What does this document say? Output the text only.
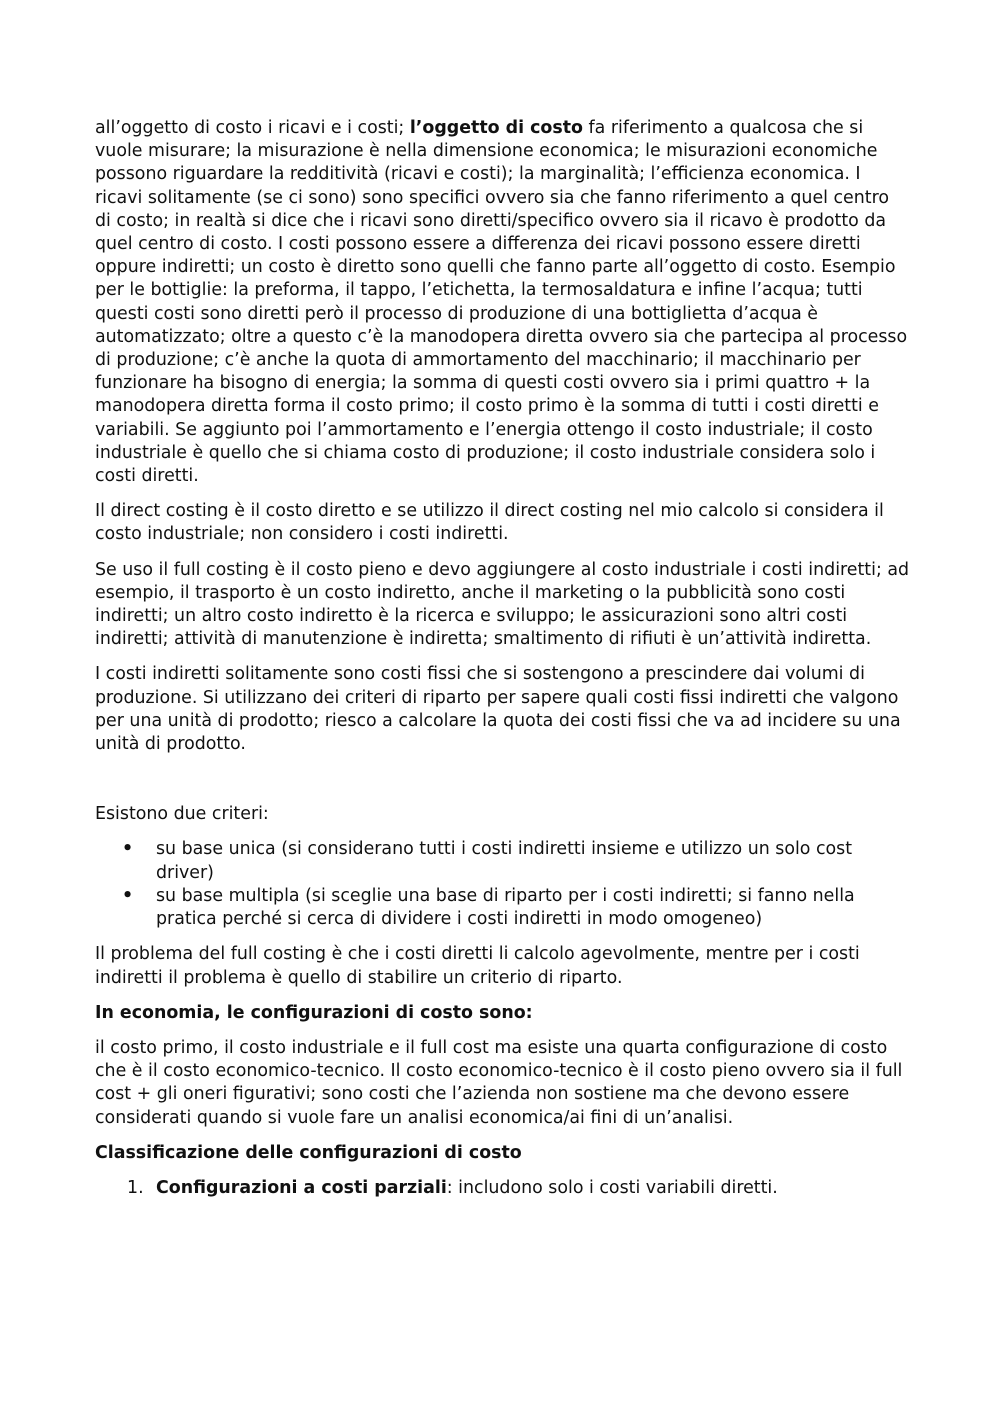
all’oggetto di costo i ricavi e i costi; l’oggetto di costo fa riferimento a qualcosa che si vuole misurare; la misurazione è nella dimensione economica; le misurazioni economiche possono riguardare la redditività (ricavi e costi); la marginalità; l’efficienza economica. I ricavi solitamente (se ci sono) sono specifici ovvero sia che fanno riferimento a quel centro di costo; in realtà si dice che i ricavi sono diretti/specifico ovvero sia il ricavo è prodotto da quel centro di costo. I costi possono essere a differenza dei ricavi possono essere diretti oppure indiretti; un costo è diretto sono quelli che fanno parte all’oggetto di costo. Esempio per le bottiglie: la preforma, il tappo, l’etichetta, la termosaldatura e infine l’acqua; tutti questi costi sono diretti però il processo di produzione di una bottiglietta d’acqua è automatizzato; oltre a questo c’è la manodopera diretta ovvero sia che partecipa al processo di produzione; c’è anche la quota di ammortamento del macchinario; il macchinario per funzionare ha bisogno di energia; la somma di questi costi ovvero sia i primi quattro + la manodopera diretta forma il costo primo; il costo primo è la somma di tutti i costi diretti e variabili. Se aggiunto poi l’ammortamento e l’energia ottengo il costo industriale; il costo industriale è quello che si chiama costo di produzione; il costo industriale considera solo i costi diretti.

Il direct costing è il costo diretto e se utilizzo il direct costing nel mio calcolo si considera il costo industriale; non considero i costi indiretti.

Se uso il full costing è il costo pieno e devo aggiungere al costo industriale i costi indiretti; ad esempio, il trasporto è un costo indiretto, anche il marketing o la pubblicità sono costi indiretti; un altro costo indiretto è la ricerca e sviluppo; le assicurazioni sono altri costi indiretti; attività di manutenzione è indiretta; smaltimento di rifiuti è un’attività indiretta.

I costi indiretti solitamente sono costi fissi che si sostengono a prescindere dai volumi di produzione. Si utilizzano dei criteri di riparto per sapere quali costi fissi indiretti che valgono per una unità di prodotto; riesco a calcolare la quota dei costi fissi che va ad incidere su una unità di prodotto.

Esistono due criteri:

• su base unica (si considerano tutti i costi indiretti insieme e utilizzo un solo cost driver)
• su base multipla (si sceglie una base di riparto per i costi indiretti; si fanno nella pratica perché si cerca di dividere i costi indiretti in modo omogeneo)

Il problema del full costing è che i costi diretti li calcolo agevolmente, mentre per i costi indiretti il problema è quello di stabilire un criterio di riparto.

In economia, le configurazioni di costo sono:

il costo primo, il costo industriale e il full cost ma esiste una quarta configurazione di costo che è il costo economico-tecnico. Il costo economico-tecnico è il costo pieno ovvero sia il full cost + gli oneri figurativi; sono costi che l’azienda non sostiene ma che devono essere considerati quando si vuole fare un analisi economica/ai fini di un’analisi.

Classificazione delle configurazioni di costo

1. Configurazioni a costi parziali: includono solo i costi variabili diretti.
